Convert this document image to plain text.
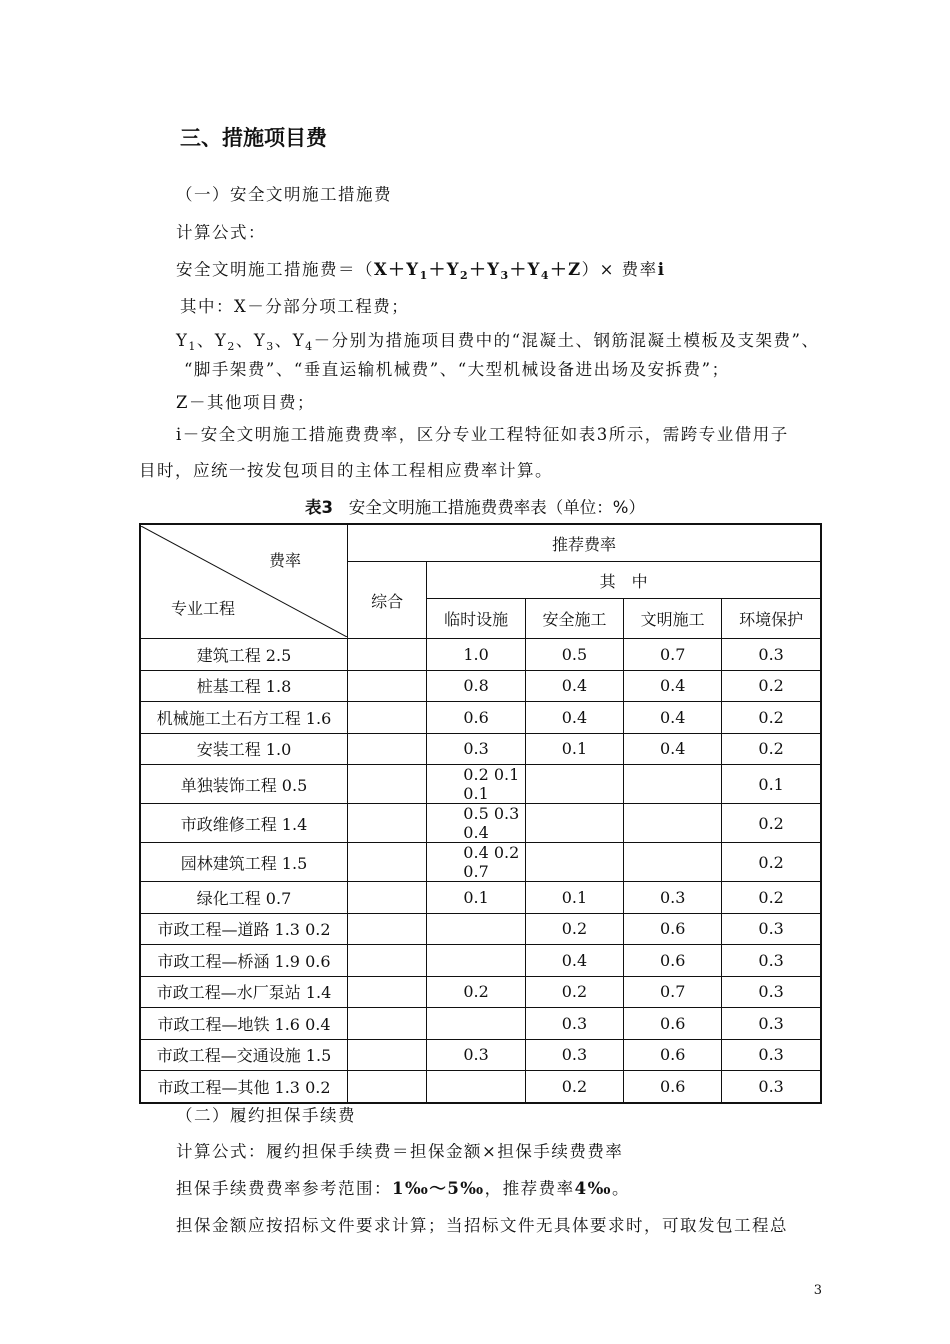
三、措施项目费
（一）安全文明施工措施费
计算公式：
安全文明施工措施费$=(X+Y_1+Y_2+Y_3+Y_4+Z)\times$ 费率i
其中：X－分部分项工程费；
$Y_1$、$Y_2$、$Y_3$、$Y_4-$分别为措施项目费中的“混凝土、钢筋混凝土模板及支架费”、
“脚手架费”、“垂直运输机械费”、“大型机械设备进出场及安拆费”；
Z－其他项目费；
i－安全文明施工措施费费率，区分专业工程特征如表3所示，需跨专业借用子
目时，应统一按发包项目的主体工程相应费率计算。
表3 安全文明施工措施费费率表（单位：%）
费率
专业工程	推荐费率				
	综合	其　中			
		临时设施	安全施工	文明施工	环境保护
建筑工程 2.5		1.0	0.5	0.7	0.3
桩基工程 1.8		0.8	0.4	0.4	0.2
机械施工土石方工程 1.6		0.6	0.4	0.4	0.2
安装工程 1.0		0.3	0.1	0.4	0.2
单独装饰工程 0.5		0.2 0.1 0.1			0.1
市政维修工程 1.4		0.5 0.3 0.4			0.2
园林建筑工程 1.5		0.4 0.2 0.7			0.2
绿化工程 0.7		0.1	0.1	0.3	0.2
市政工程—道路 1.3 0.2			0.2	0.6	0.3
市政工程—桥涵 1.9 0.6			0.4	0.6	0.3
市政工程—水厂泵站 1.4		0.2	0.2	0.7	0.3
市政工程—地铁 1.6 0.4			0.3	0.6	0.3
市政工程—交通设施 1.5		0.3	0.3	0.6	0.3
市政工程—其他 1.3 0.2			0.2	0.6	0.3
（二）履约担保手续费
计算公式：履约担保手续费＝担保金额×担保手续费费率
担保手续费费率参考范围：1‰～5‰，推荐费率4‰。
担保金额应按招标文件要求计算；当招标文件无具体要求时，可取发包工程总
3
